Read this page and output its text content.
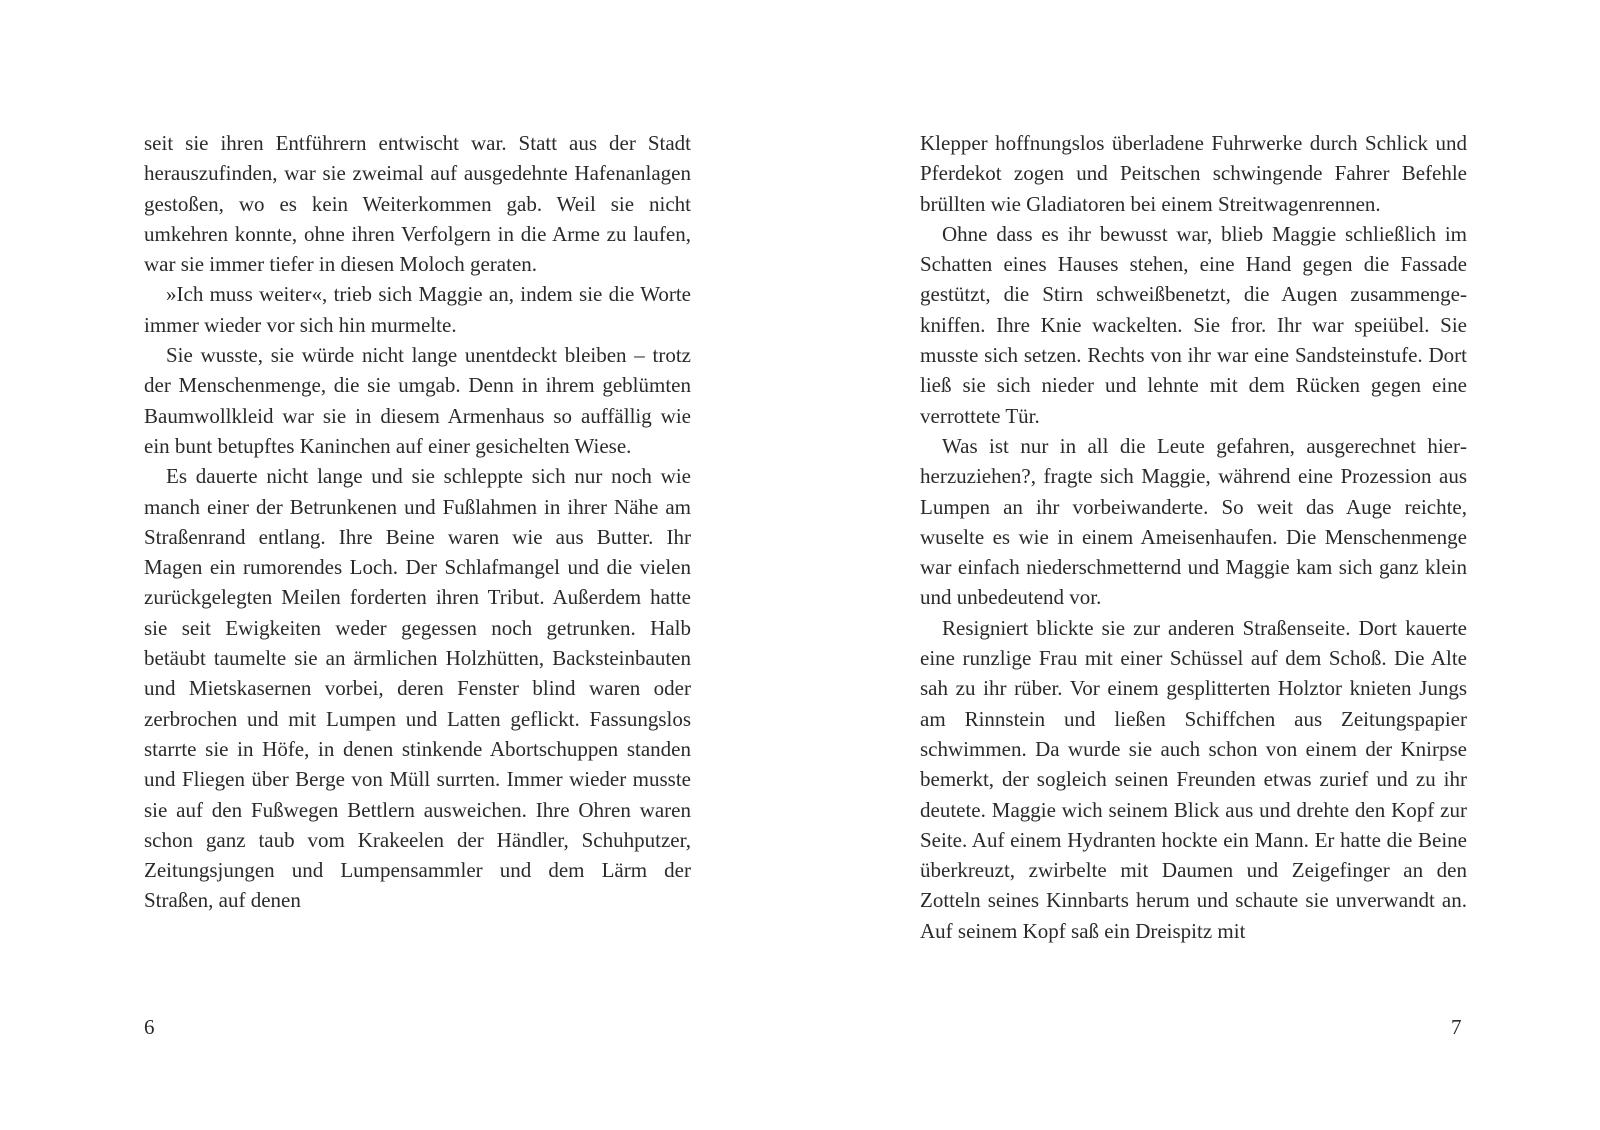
seit sie ihren Entführern entwischt war. Statt aus der Stadt herauszufinden, war sie zweimal auf ausgedehnte Hafenanlagen gestoßen, wo es kein Weiterkommen gab. Weil sie nicht umkehren konnte, ohne ihren Verfolgern in die Arme zu laufen, war sie immer tiefer in diesen Moloch geraten.

»Ich muss weiter«, trieb sich Maggie an, indem sie die Worte immer wieder vor sich hin murmelte.

Sie wusste, sie würde nicht lange unentdeckt bleiben – trotz der Menschenmenge, die sie umgab. Denn in ihrem geblümten Baumwollkleid war sie in diesem Armenhaus so auffällig wie ein bunt betupftes Kaninchen auf einer gesichelten Wiese.

Es dauerte nicht lange und sie schleppte sich nur noch wie manch einer der Betrunkenen und Fußlahmen in ihrer Nähe am Straßenrand entlang. Ihre Beine waren wie aus Butter. Ihr Magen ein rumorendes Loch. Der Schlafmangel und die vielen zurückgelegten Meilen forderten ihren Tribut. Außerdem hatte sie seit Ewigkeiten weder gegessen noch getrunken. Halb betäubt taumelte sie an ärmlichen Holzhütten, Backsteinbauten und Mietskasernen vorbei, deren Fenster blind waren oder zerbrochen und mit Lumpen und Latten geflickt. Fassungslos starrte sie in Höfe, in denen stinkende Abortschuppen standen und Fliegen über Berge von Müll surrten. Immer wieder musste sie auf den Fußwegen Bettlern ausweichen. Ihre Ohren waren schon ganz taub vom Krakeelen der Händler, Schuhputzer, Zeitungsjungen und Lumpensammler und dem Lärm der Straßen, auf denen

Klepper hoffnungslos überladene Fuhrwerke durch Schlick und Pferdekot zogen und Peitschen schwingende Fahrer Befehle brüllten wie Gladiatoren bei einem Streitwagenrennen.

Ohne dass es ihr bewusst war, blieb Maggie schließlich im Schatten eines Hauses stehen, eine Hand gegen die Fassade gestützt, die Stirn schweißbenetzt, die Augen zusammengekniffen. Ihre Knie wackelten. Sie fror. Ihr war speiübel. Sie musste sich setzen. Rechts von ihr war eine Sandsteinstufe. Dort ließ sie sich nieder und lehnte mit dem Rücken gegen eine verrottete Tür.

Was ist nur in all die Leute gefahren, ausgerechnet hierherzuziehen?, fragte sich Maggie, während eine Prozession aus Lumpen an ihr vorbeiwanderte. So weit das Auge reichte, wuselte es wie in einem Ameisenhaufen. Die Menschenmenge war einfach niederschmetternd und Maggie kam sich ganz klein und unbedeutend vor.

Resigniert blickte sie zur anderen Straßenseite. Dort kauerte eine runzlige Frau mit einer Schüssel auf dem Schoß. Die Alte sah zu ihr rüber. Vor einem gesplitterten Holztor knieten Jungs am Rinnstein und ließen Schiffchen aus Zeitungspapier schwimmen. Da wurde sie auch schon von einem der Knirpse bemerkt, der sogleich seinen Freunden etwas zurief und zu ihr deutete. Maggie wich seinem Blick aus und drehte den Kopf zur Seite. Auf einem Hydranten hockte ein Mann. Er hatte die Beine überkreuzt, zwirbelte mit Daumen und Zeigefinger an den Zotteln seines Kinnbarts herum und schaute sie unverwandt an. Auf seinem Kopf saß ein Dreispitz mit

6	7
